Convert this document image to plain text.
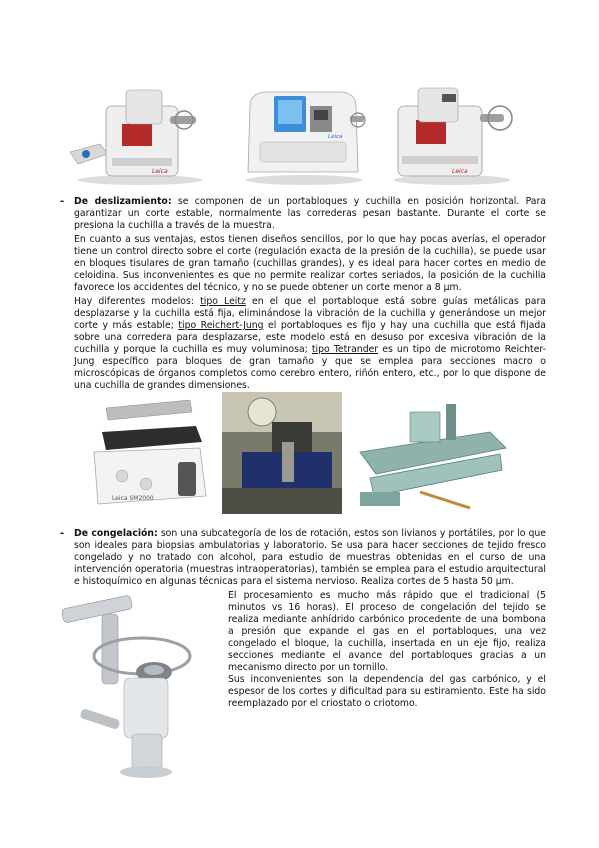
Leica
Leica
Leica
- De deslizamiento: se componen de un portabloques y cuchilla en posición horizontal. Para garantizar un corte estable, normalmente las correderas pesan bastante. Durante el corte se presiona la cuchilla a través de la muestra.

En cuanto a sus ventajas, estos tienen diseños sencillos, por lo que hay pocas averías, el operador tiene un control directo sobre el corte (regulación exacta de la presión de la cuchilla), se puede usar en bloques tisulares de gran tamaño (cuchillas grandes), y es ideal para hacer cortes en medio de celoidina. Sus inconvenientes es que no permite realizar cortes seriados, la posición de la cuchilla favorece los accidentes del técnico, y no se puede obtener un corte menor a 8 µm.

Hay diferentes modelos: tipo Leitz en el que el portabloque está sobre guías metálicas para desplazarse y la cuchilla está fija, eliminándose la vibración de la cuchilla y generándose un mejor corte y más estable; tipo Reichert-Jung el portabloques es fijo y hay una cuchilla que está fijada sobre una corredera para desplazarse, este modelo está en desuso por excesiva vibración de la cuchilla y porque la cuchilla es muy voluminosa; tipo Tetrander es un tipo de microtomo Reichter-Jung específico para bloques de gran tamaño y que se emplea para secciones macro o microscópicas de órganos completos como cerebro entero, riñón entero, etc., por lo que dispone de una cuchilla de grandes dimensiones.

Leica SM2000
- De congelación: son una subcategoría de los de rotación, estos son livianos y portátiles, por lo que son ideales para biopsias ambulatorias y laboratorio. Se usa para hacer secciones de tejido fresco congelado y no tratado con alcohol, para estudio de muestras obtenidas en el curso de una intervención operatoria (muestras intraoperatorias), también se emplea para el estudio arquitectural e histoquímico en algunas técnicas para el sistema nervioso. Realiza cortes de 5 hasta 50 µm.

El procesamiento es mucho más rápido que el tradicional (5 minutos vs 16 horas). El proceso de congelación del tejido se realiza mediante anhídrido carbónico procedente de una bombona a presión que expande el gas en el portabloques, una vez congelado el bloque, la cuchilla, insertada en un eje fijo, realiza secciones mediante el avance del portabloques gracias a un mecanismo directo por un tornillo.

Sus inconvenientes son la dependencia del gas carbónico, y el espesor de los cortes y dificultad para su estiramiento. Este ha sido reemplazado por el criostato o criotomo.
